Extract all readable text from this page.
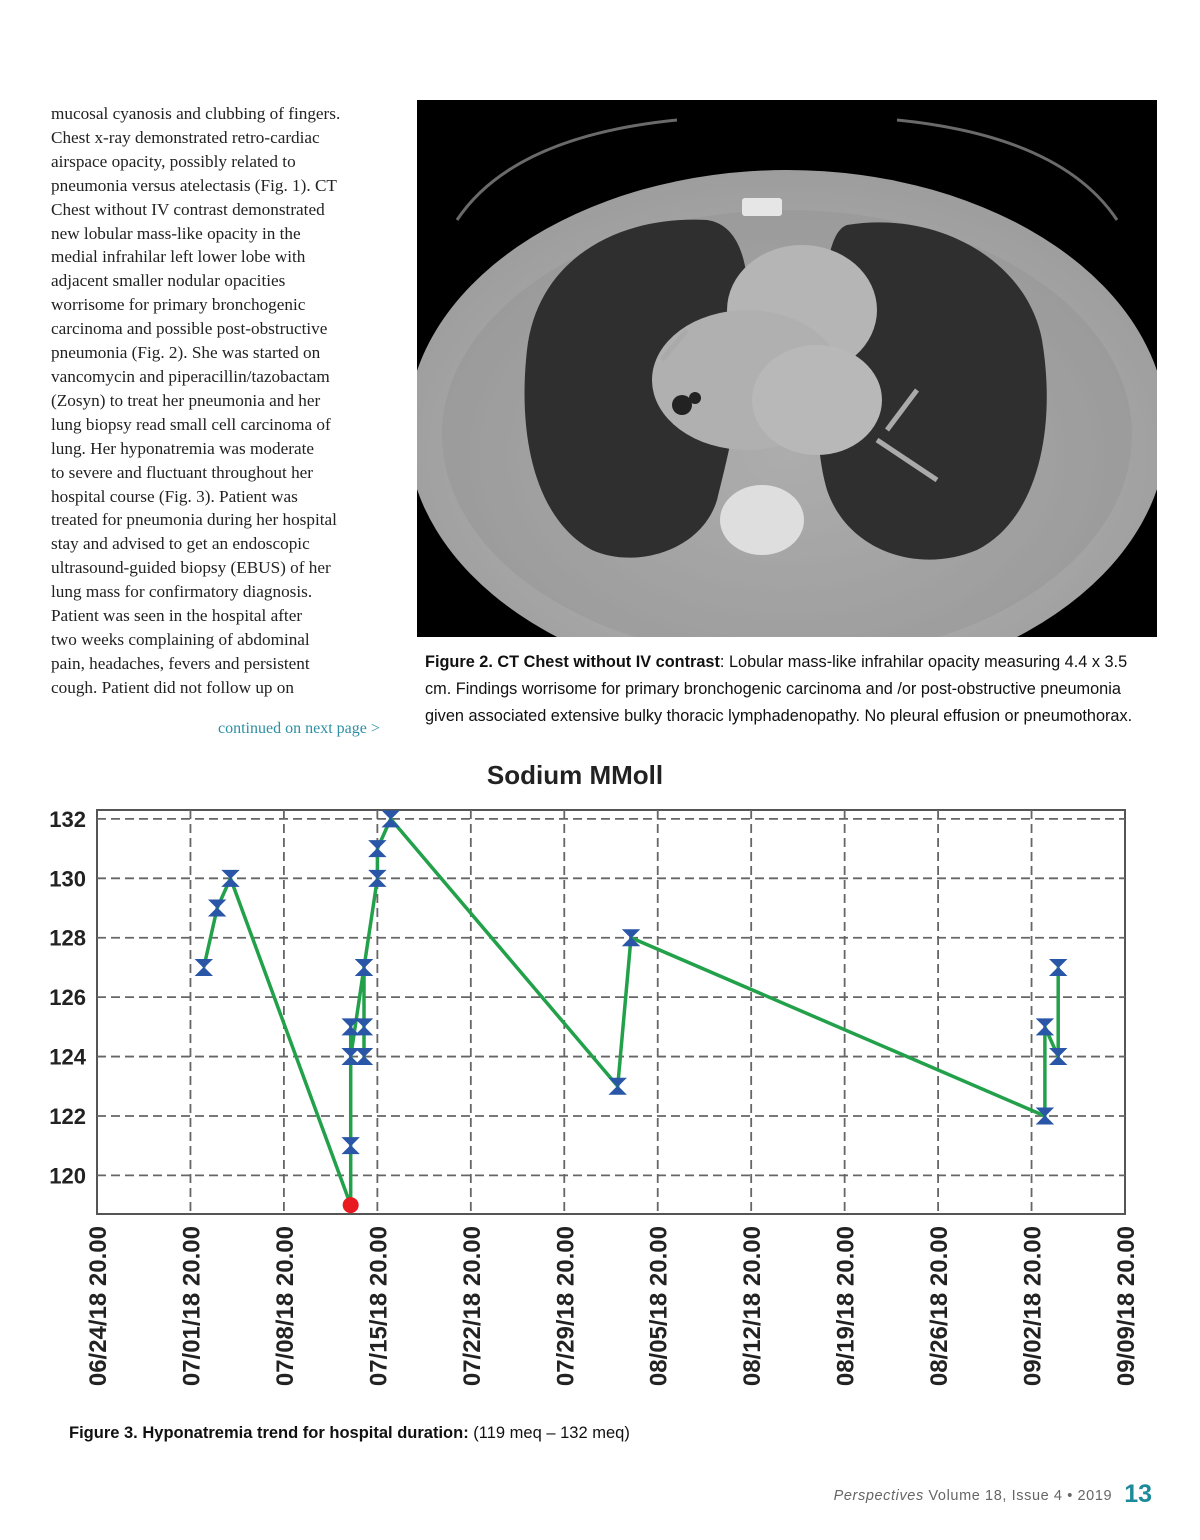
mucosal cyanosis and clubbing of fingers.
Chest x-ray demonstrated retro-cardiac
airspace opacity, possibly related to
pneumonia versus atelectasis (Fig. 1). CT
Chest without IV contrast demonstrated
new lobular mass-like opacity in the
medial infrahilar left lower lobe with
adjacent smaller nodular opacities
worrisome for primary bronchogenic
carcinoma and possible post-obstructive
pneumonia (Fig. 2). She was started on
vancomycin and piperacillin/tazobactam
(Zosyn) to treat her pneumonia and her
lung biopsy read small cell carcinoma of
lung. Her hyponatremia was moderate
to severe and fluctuant throughout her
hospital course (Fig. 3). Patient was
treated for pneumonia during her hospital
stay and advised to get an endoscopic
ultrasound-guided biopsy (EBUS) of her
lung mass for confirmatory diagnosis.
Patient was seen in the hospital after
two weeks complaining of abdominal
pain, headaches, fevers and persistent
cough. Patient did not follow up on
continued on next page >
Figure 2. CT Chest without IV contrast: Lobular mass-like infrahilar opacity measuring 4.4 x 3.5
cm. Findings worrisome for primary bronchogenic carcinoma and /or post-obstructive pneumonia
given associated extensive bulky thoracic lymphadenopathy. No pleural effusion or pneumothorax.
Sodium MMoll
06/24/18 20.00	07/01/18 20.00	07/08/18 20.00	07/15/18 20.00	07/22/18 20.00	07/29/18 20.00	08/05/18 20.00	08/12/18 20.00	08/19/18 20.00	08/26/18 20.00	09/02/18 20.00	09/09/18 20.00
120
122
124
126
128
130
132
Figure 3. Hyponatremia trend for hospital duration: (119 meq – 132 meq)
Perspectives Volume 18, Issue 4 • 2019 13
